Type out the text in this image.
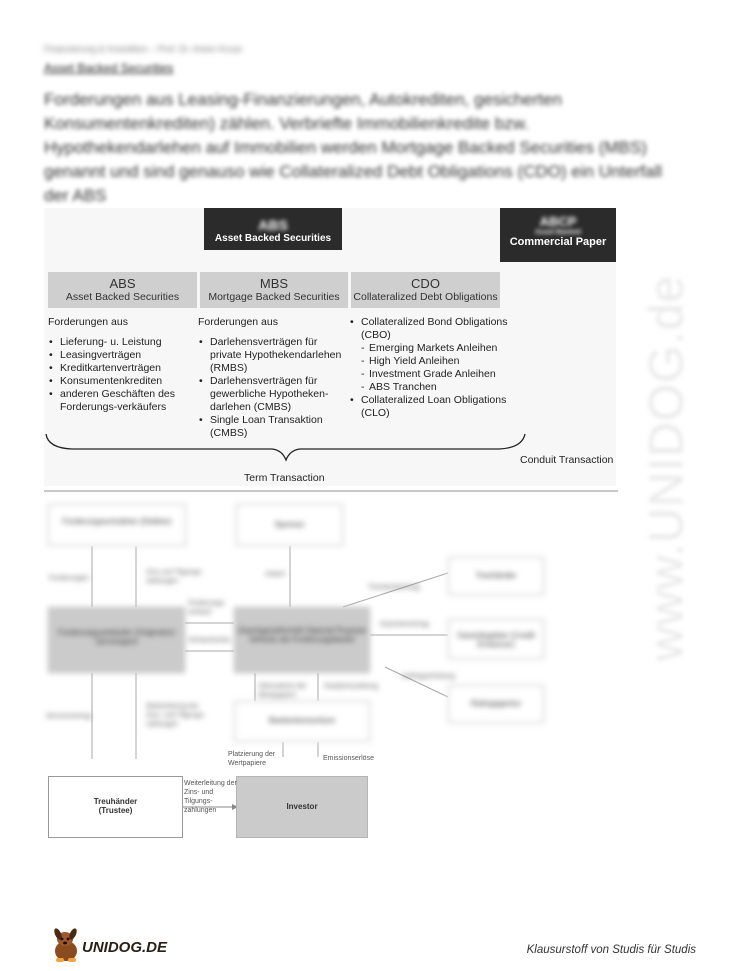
Finanzierung & Investition – Prof. Dr. Anton Kruse
Asset Backed Securities
Forderungen aus Leasing-Finanzierungen, Autokrediten, gesicherten Konsumentenkrediten) zählen. Verbriefte Immobilienkredite bzw. Hypothekendarlehen auf Immobilien werden Mortgage Backed Securities (MBS) genannt und sind genauso wie Collateralized Debt Obligations (CDO) ein Unterfall der ABS
www.UNIDOG.de
ABS
Asset Backed Securities
ABCP
Asset Backed
Commercial Paper
ABS
Asset Backed Securities
MBS
Mortgage Backed Securities
CDO
Collateralized Debt Obligations
Forderungen aus
• Lieferung- u. Leistung
• Leasingverträgen
• Kreditkartenverträgen
• Konsumentenkrediten
• anderen Geschäften des Forderungs-verkäufers
Forderungen aus
• Darlehensverträgen für private Hypothekendarlehen (RMBS)
• Darlehensverträgen für gewerbliche Hypotheken-darlehen (CMBS)
• Single Loan Transaktion (CMBS)
• Collateralized Bond Obligations (CBO)
- Emerging Markets Anleihen
- High Yield Anleihen
- Investment Grade Anleihen
- ABS Tranchen
• Collateralized Loan Obligations (CLO)
Term Transaction
Conduit Transaction
Forderungsschuldner (Debitor)	Sponsor
Treuhänder
Forderungsverkäufer (Originator) Servicegent
Zweckgesellschaft (Special Purpose Vehicle) als Forderungskäufer	Garantiegeber (Credit Enhancer)
Ratingagentur
Bankenkonsortium
Treuhänder
(Trustee)	Investor
Forderungen
Zins und Tilgungs-zahlungen
initiiert
Forderungs-verkauf
Verkaufserlös
Treuhandvertrag
Garantievertrag
Auftragserteilung
Übernahme der Wertpapiere
Kaufpreiszahlung
Servicevertrag
Weiterleitung der Zins- und Tilgungs-zahlungen
Platzierung der Wertpapiere
Emissionserlöse
Weiterleitung der Zins- und Tilgungs-zahlungen
UNIDOG.DE	Klausurstoff von Studis für Studis
